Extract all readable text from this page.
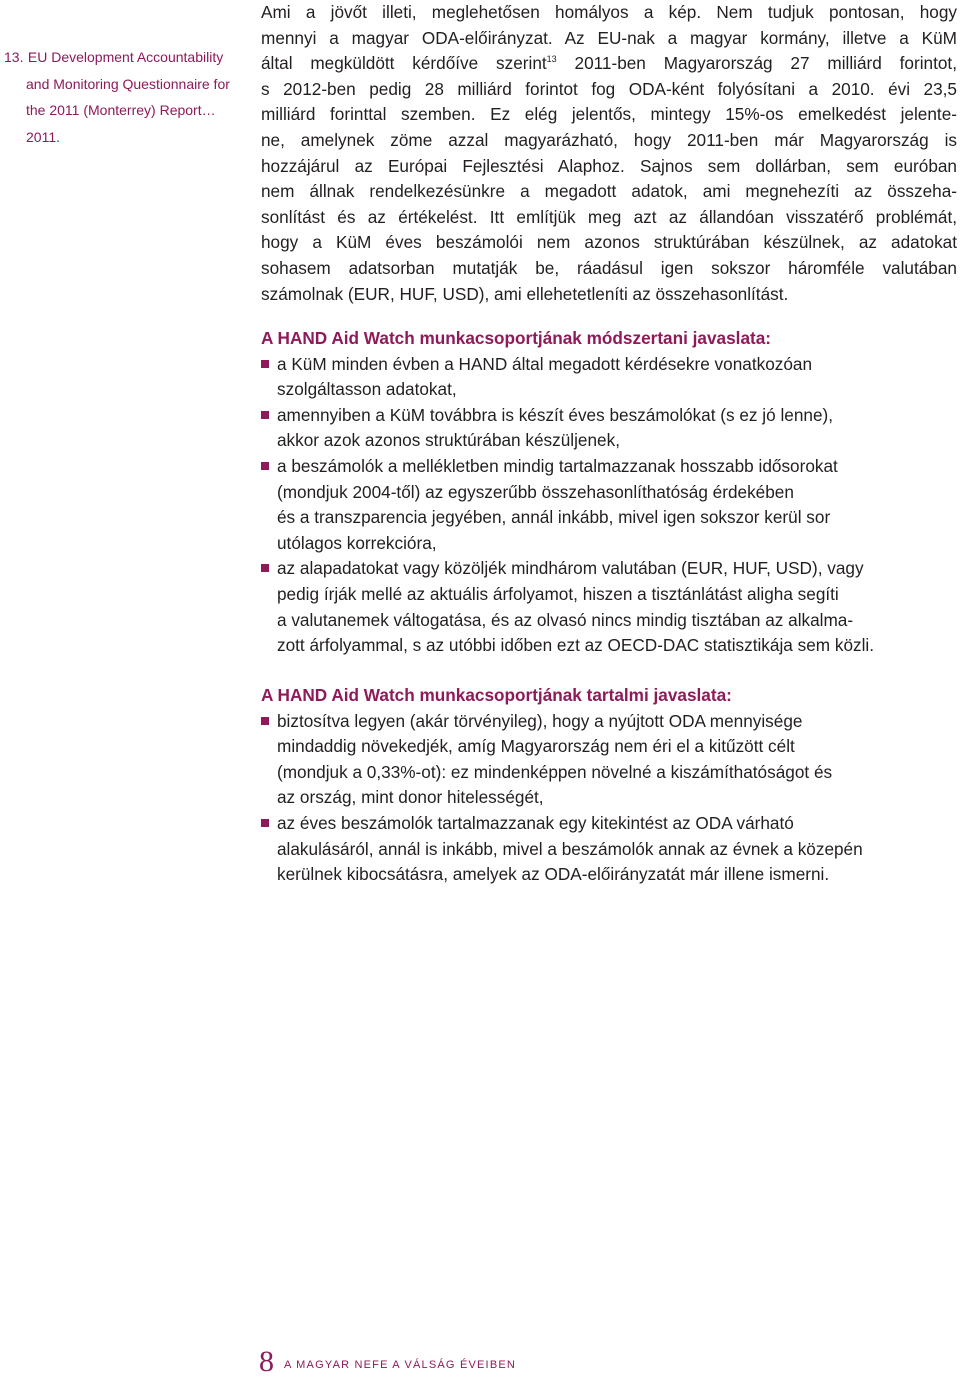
13. EU Development Accountability
and Monitoring Questionnaire for
the 2011 (Monterrey) Report…
2011.

Ami a jövőt illeti, meglehetősen homályos a kép. Nem tudjuk pontosan, hogy
mennyi a magyar ODA-előirányzat. Az EU-nak a magyar kormány, illetve a KüM
által megküldött kérdőíve szerint$^{13}$ 2011-ben Magyarország 27 milliárd forintot,
s 2012-ben pedig 28 milliárd forintot fog ODA-ként folyósítani a 2010. évi 23,5
milliárd forinttal szemben. Ez elég jelentős, mintegy 15%-os emelkedést jelente-
ne, amelynek zöme azzal magyarázható, hogy 2011-ben már Magyarország is
hozzájárul az Európai Fejlesztési Alaphoz. Sajnos sem dollárban, sem euróban
nem állnak rendelkezésünkre a megadott adatok, ami megnehezíti az összeha-
sonlítást és az értékelést. Itt említjük meg azt az állandóan visszatérő problémát,
hogy a KüM éves beszámolói nem azonos struktúrában készülnek, az adatokat
sohasem adatsorban mutatják be, ráadásul igen sokszor háromféle valutában
számolnak (EUR, HUF, USD), ami ellehetetleníti az összehasonlítást.

A HAND Aid Watch munkacsoportjának módszertani javaslata:
a KüM minden évben a HAND által megadott kérdésekre vonatkozóan
szolgáltasson adatokat,
amennyiben a KüM továbbra is készít éves beszámolókat (s ez jó lenne),
akkor azok azonos struktúrában készüljenek,
a beszámolók a mellékletben mindig tartalmazzanak hosszabb idősorokat
(mondjuk 2004-től) az egyszerűbb összehasonlíthatóság érdekében
és a transzparencia jegyében, annál inkább, mivel igen sokszor kerül sor
utólagos korrekcióra,
az alapadatokat vagy közöljék mindhárom valutában (EUR, HUF, USD), vagy
pedig írják mellé az aktuális árfolyamot, hiszen a tisztánlátást aligha segíti
a valutanemek váltogatása, és az olvasó nincs mindig tisztában az alkalma-
zott árfolyammal, s az utóbbi időben ezt az OECD-DAC statisztikája sem közli.
A HAND Aid Watch munkacsoportjának tartalmi javaslata:
biztosítva legyen (akár törvényileg), hogy a nyújtott ODA mennyisége
mindaddig növekedjék, amíg Magyarország nem éri el a kitűzött célt
(mondjuk a 0,33%-ot): ez mindenképpen növelné a kiszámíthatóságot és
az ország, mint donor hitelességét,
az éves beszámolók tartalmazzanak egy kitekintést az ODA várható
alakulásáról, annál is inkább, mivel a beszámolók annak az évnek a közepén
kerülnek kibocsátásra, amelyek az ODA-előirányzatát már illene ismerni.
8 A MAGYAR NEFE A VÁLSÁG ÉVEIBEN
